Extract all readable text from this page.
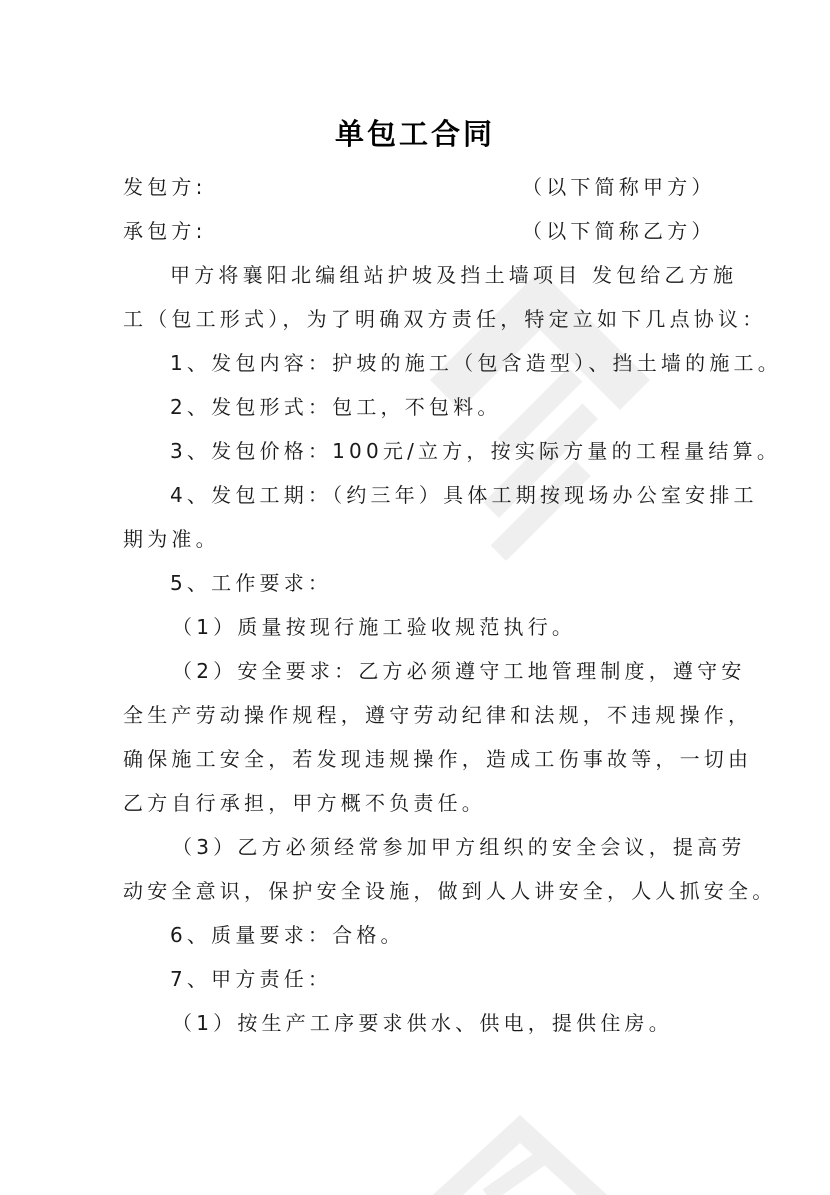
单包工合同
发包方:	（以下简称甲方）
承包方:	（以下简称乙方）
甲方将襄阳北编组站护坡及挡土墙项目 发包给乙方施
工（包工形式），为了明确双方责任，特定立如下几点协议：
1、发包内容：护坡的施工（包含造型）、挡土墙的施工。
2、发包形式：包工，不包料。
3、发包价格：100元/立方，按实际方量的工程量结算。
4、发包工期：（约三年）具体工期按现场办公室安排工
期为准。
5、工作要求：
（1）质量按现行施工验收规范执行。
（2）安全要求：乙方必须遵守工地管理制度，遵守安
全生产劳动操作规程，遵守劳动纪律和法规，不违规操作，
确保施工安全，若发现违规操作，造成工伤事故等，一切由
乙方自行承担，甲方概不负责任。
（3）乙方必须经常参加甲方组织的安全会议，提高劳
动安全意识，保护安全设施，做到人人讲安全，人人抓安全。
6、质量要求：合格。
7、甲方责任：
（1）按生产工序要求供水、供电，提供住房。
